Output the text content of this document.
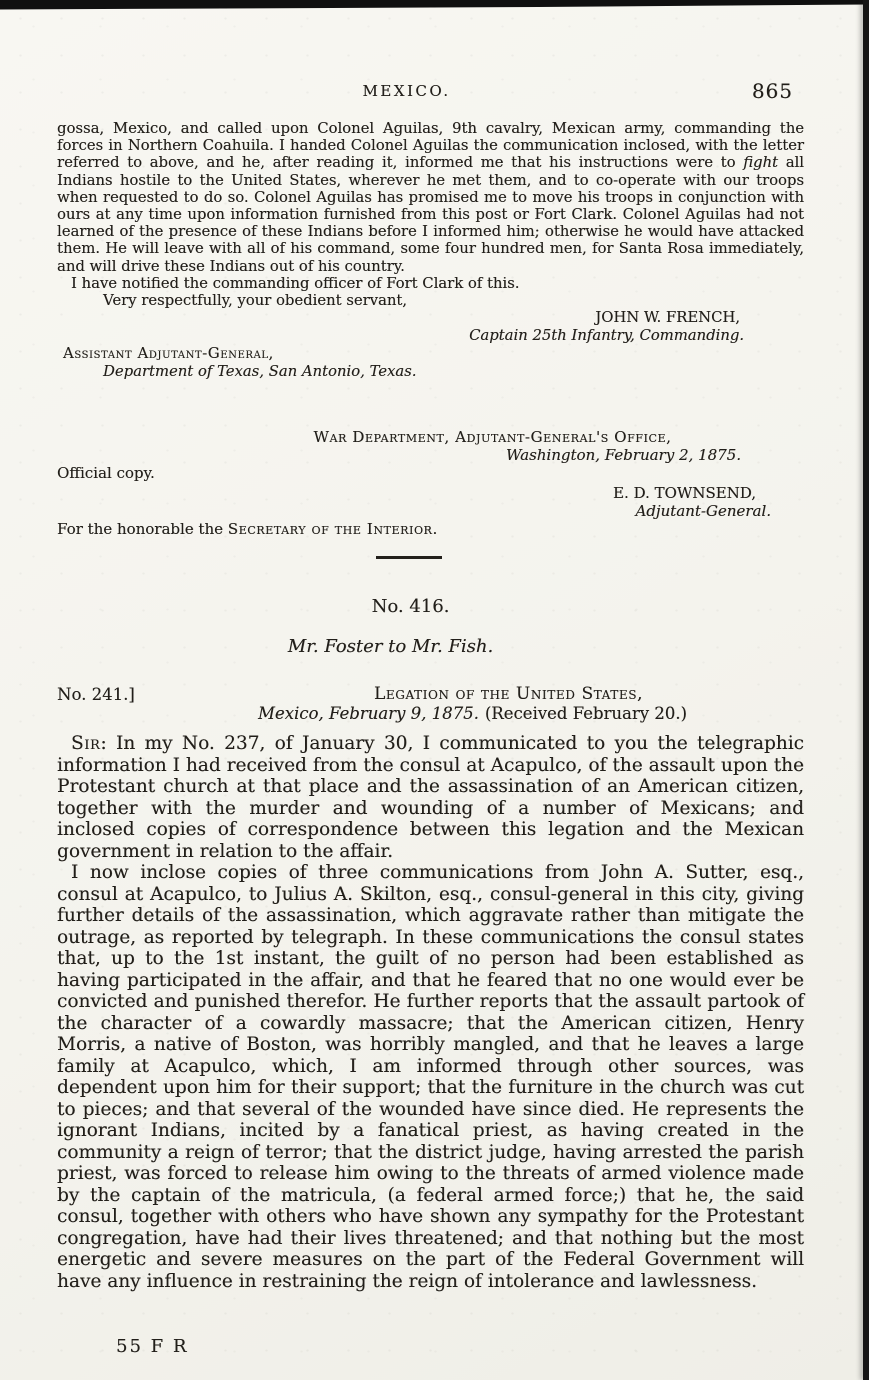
MEXICO.	865

gossa, Mexico, and called upon Colonel Aguilas, 9th cavalry, Mexican army, commanding the forces in Northern Coahuila. I handed Colonel Aguilas the communication inclosed, with the letter referred to above, and he, after reading it, informed me that his instructions were to fight all Indians hostile to the United States, wherever he met them, and to co-operate with our troops when requested to do so. Colonel Aguilas has promised me to move his troops in conjunction with ours at any time upon information furnished from this post or Fort Clark. Colonel Aguilas had not learned of the presence of these Indians before I informed him; otherwise he would have attacked them. He will leave with all of his command, some four hundred men, for Santa Rosa immediately, and will drive these Indians out of his country.

I have notified the commanding officer of Fort Clark of this.

Very respectfully, your obedient servant,

JOHN W. FRENCH,

Captain 25th Infantry, Commanding.

Assistant Adjutant-General,

Department of Texas, San Antonio, Texas.

War Department, Adjutant-General's Office,

Washington, February 2, 1875.

Official copy.

E. D. TOWNSEND,

Adjutant-General.

For the honorable the Secretary of the Interior.

No. 416.
Mr. Foster to Mr. Fish.

No. 241.]	Legation of the United States,

Mexico, February 9, 1875. (Received February 20.)

Sir: In my No. 237, of January 30, I communicated to you the telegraphic information I had received from the consul at Acapulco, of the assault upon the Protestant church at that place and the assassination of an American citizen, together with the murder and wounding of a number of Mexicans; and inclosed copies of correspondence between this legation and the Mexican government in relation to the affair.

I now inclose copies of three communications from John A. Sutter, esq., consul at Acapulco, to Julius A. Skilton, esq., consul-general in this city, giving further details of the assassination, which aggravate rather than mitigate the outrage, as reported by telegraph. In these communications the consul states that, up to the 1st instant, the guilt of no person had been established as having participated in the affair, and that he feared that no one would ever be convicted and punished therefor. He further reports that the assault partook of the character of a cowardly massacre; that the American citizen, Henry Morris, a native of Boston, was horribly mangled, and that he leaves a large family at Acapulco, which, I am informed through other sources, was dependent upon him for their support; that the furniture in the church was cut to pieces; and that several of the wounded have since died. He represents the ignorant Indians, incited by a fanatical priest, as having created in the community a reign of terror; that the district judge, having arrested the parish priest, was forced to release him owing to the threats of armed violence made by the captain of the matricula, (a federal armed force;) that he, the said consul, together with others who have shown any sympathy for the Protestant congregation, have had their lives threatened; and that nothing but the most energetic and severe measures on the part of the Federal Government will have any influence in restraining the reign of intolerance and lawlessness.

55 F R
